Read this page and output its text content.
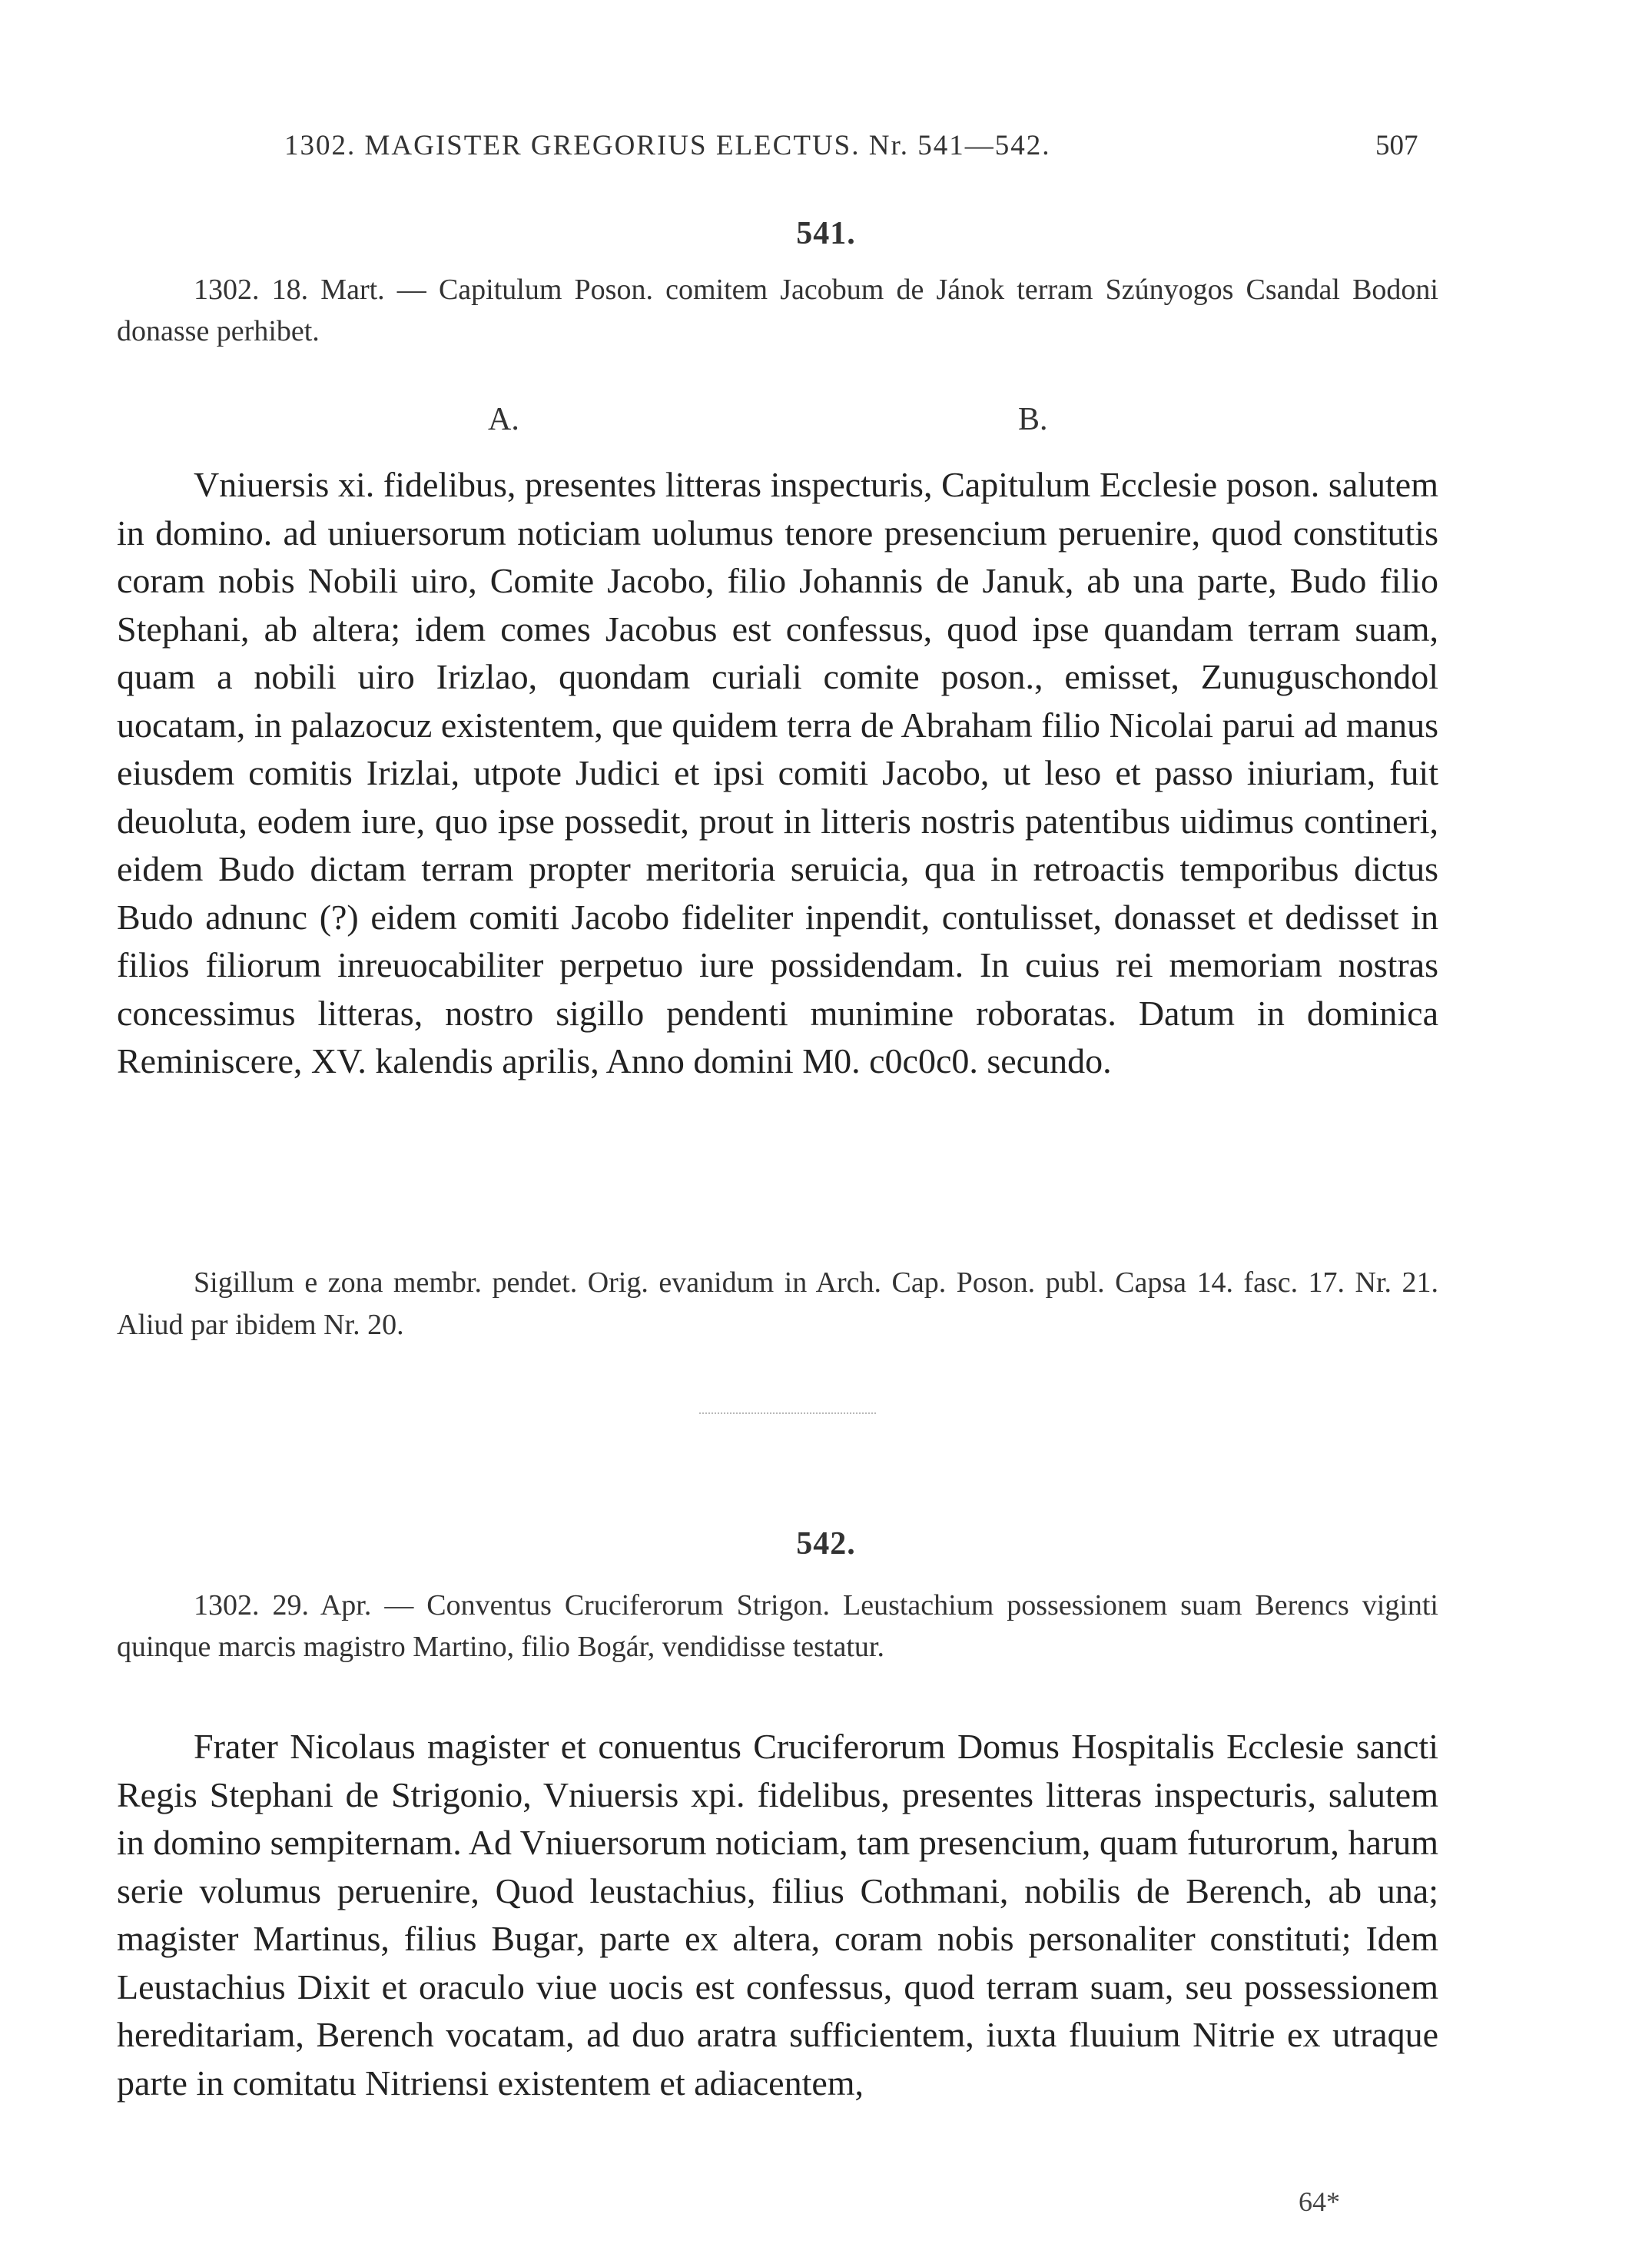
1302. MAGISTER GREGORIUS ELECTUS. Nr. 541—542.	507
541.

1302. 18. Mart. — Capitulum Poson. comitem Jacobum de Jánok terram Szúnyogos Csandal Bodoni donasse perhibet.

A.	B.

Vniuersis xi. fidelibus, presentes litteras inspecturis, Capitulum Ecclesie poson. salutem in domino. ad uniuersorum noticiam uolumus tenore presencium peruenire, quod constitutis coram nobis Nobili uiro, Comite Jacobo, filio Johannis de Januk, ab una parte, Budo filio Stephani, ab altera; idem comes Jacobus est confessus, quod ipse quandam terram suam, quam a nobili uiro Irizlao, quondam curiali comite poson., emisset, Zunuguschondol uocatam, in palazocuz existentem, que quidem terra de Abraham filio Nicolai parui ad manus eiusdem comitis Irizlai, utpote Judici et ipsi comiti Jacobo, ut leso et passo iniuriam, fuit deuoluta, eodem iure, quo ipse possedit, prout in litteris nostris patentibus uidimus contineri, eidem Budo dictam terram propter meritoria seruicia, qua in retroactis temporibus dictus Budo adnunc (?) eidem comiti Jacobo fideliter inpendit, contulisset, donasset et dedisset in filios filiorum inreuocabiliter perpetuo iure possidendam. In cuius rei memoriam nostras concessimus litteras, nostro sigillo pendenti munimine roboratas. Datum in dominica Reminiscere, XV. kalendis aprilis, Anno domini M0. c0c0c0. secundo.

Sigillum e zona membr. pendet. Orig. evanidum in Arch. Cap. Poson. publ. Capsa 14. fasc. 17. Nr. 21. Aliud par ibidem Nr. 20.

542.

1302. 29. Apr. — Conventus Cruciferorum Strigon. Leustachium possessionem suam Berencs viginti quinque marcis magistro Martino, filio Bogár, vendidisse testatur.

Frater Nicolaus magister et conuentus Cruciferorum Domus Hospitalis Ecclesie sancti Regis Stephani de Strigonio, Vniuersis xpi. fidelibus, presentes litteras inspecturis, salutem in domino sempiternam. Ad Vniuersorum noticiam, tam presencium, quam futurorum, harum serie volumus peruenire, Quod leustachius, filius Cothmani, nobilis de Berench, ab una; magister Martinus, filius Bugar, parte ex altera, coram nobis personaliter constituti; Idem Leustachius Dixit et oraculo viue uocis est confessus, quod terram suam, seu possessionem hereditariam, Berench vocatam, ad duo aratra sufficientem, iuxta fluuium Nitrie ex utraque parte in comitatu Nitriensi existentem et adiacentem,

64*
